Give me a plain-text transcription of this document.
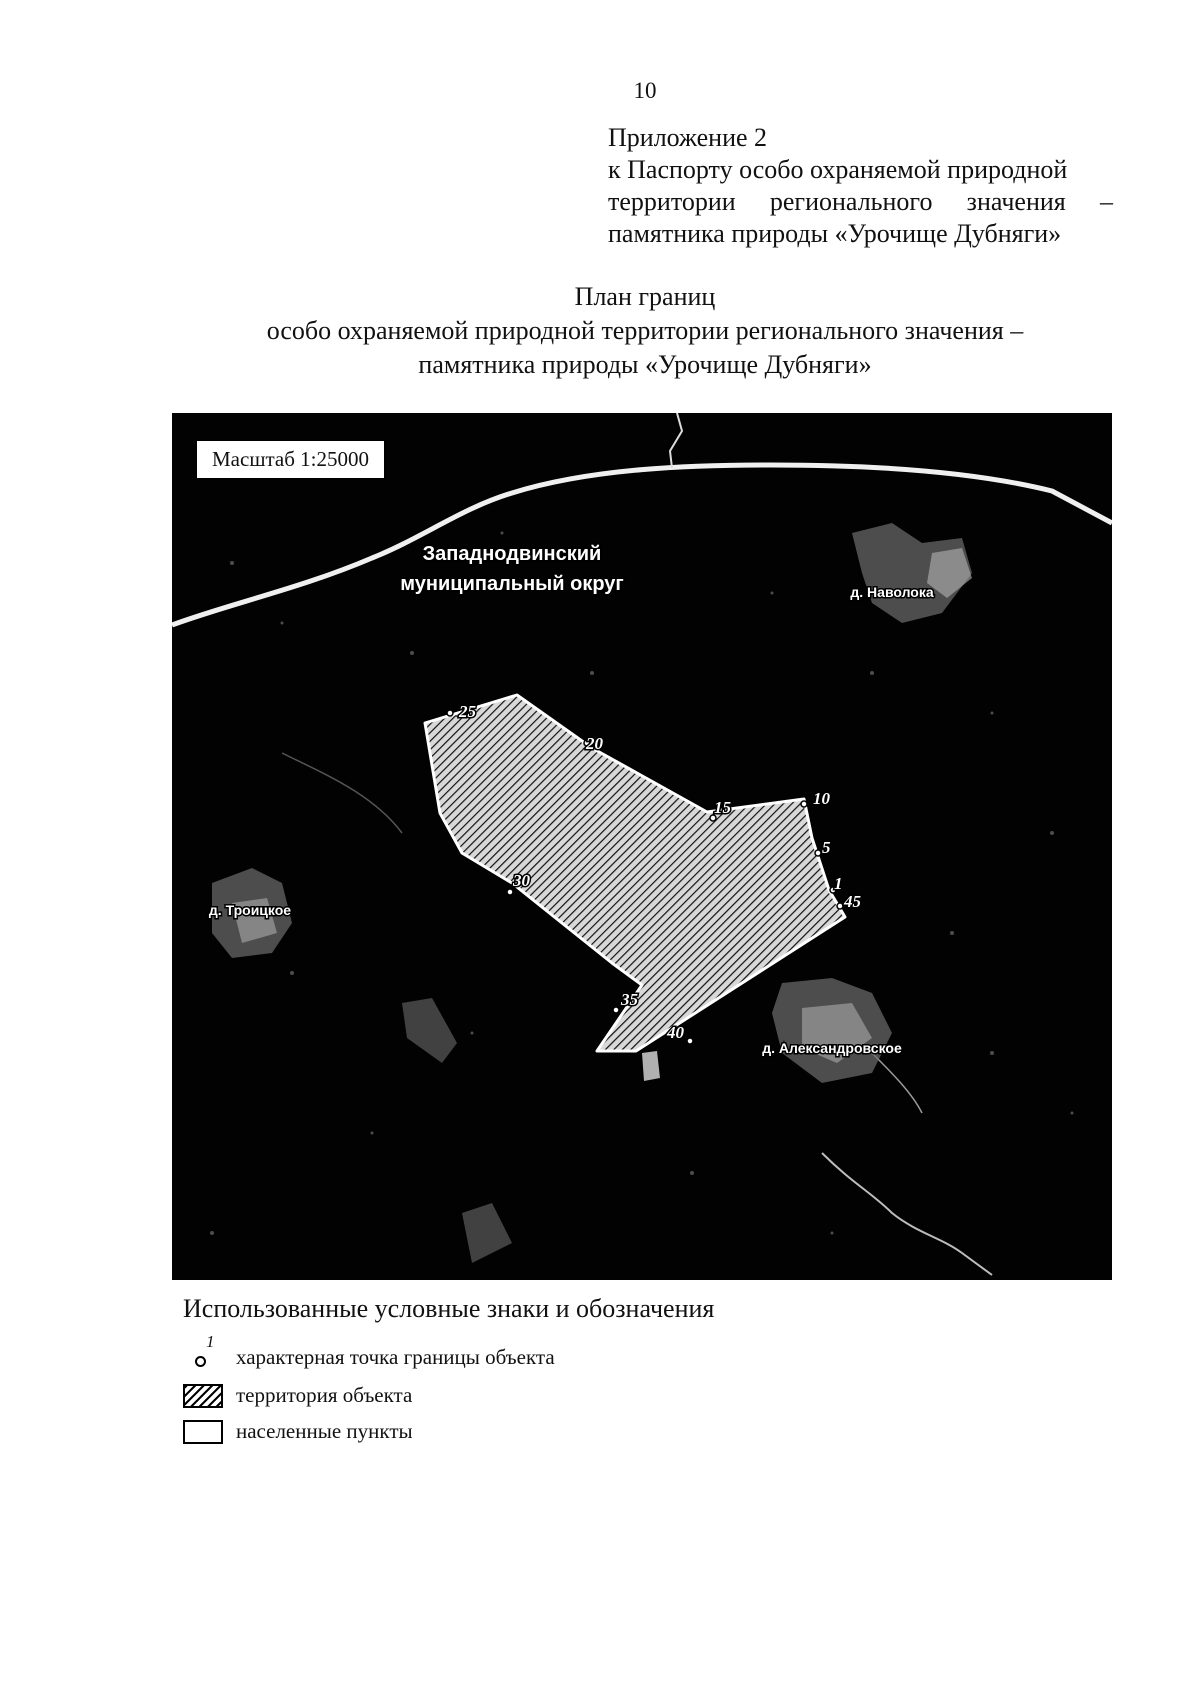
10
Приложение 2
к Паспорту особо охраняемой природной
территории регионального значения –
памятника природы «Урочище Дубняги»
План границ
особо охраняемой природной территории регионального значения –
памятника природы «Урочище Дубняги»
Западнодвинский
муниципальный округ	д. Наволока
д. Троицкое
д. Александровское
1
5
10
15
20
25
30
35
40
45
Масштаб 1:25000
Использованные условные знаки и обозначения
1
характерная точка границы объекта
территория объекта
населенные пункты
